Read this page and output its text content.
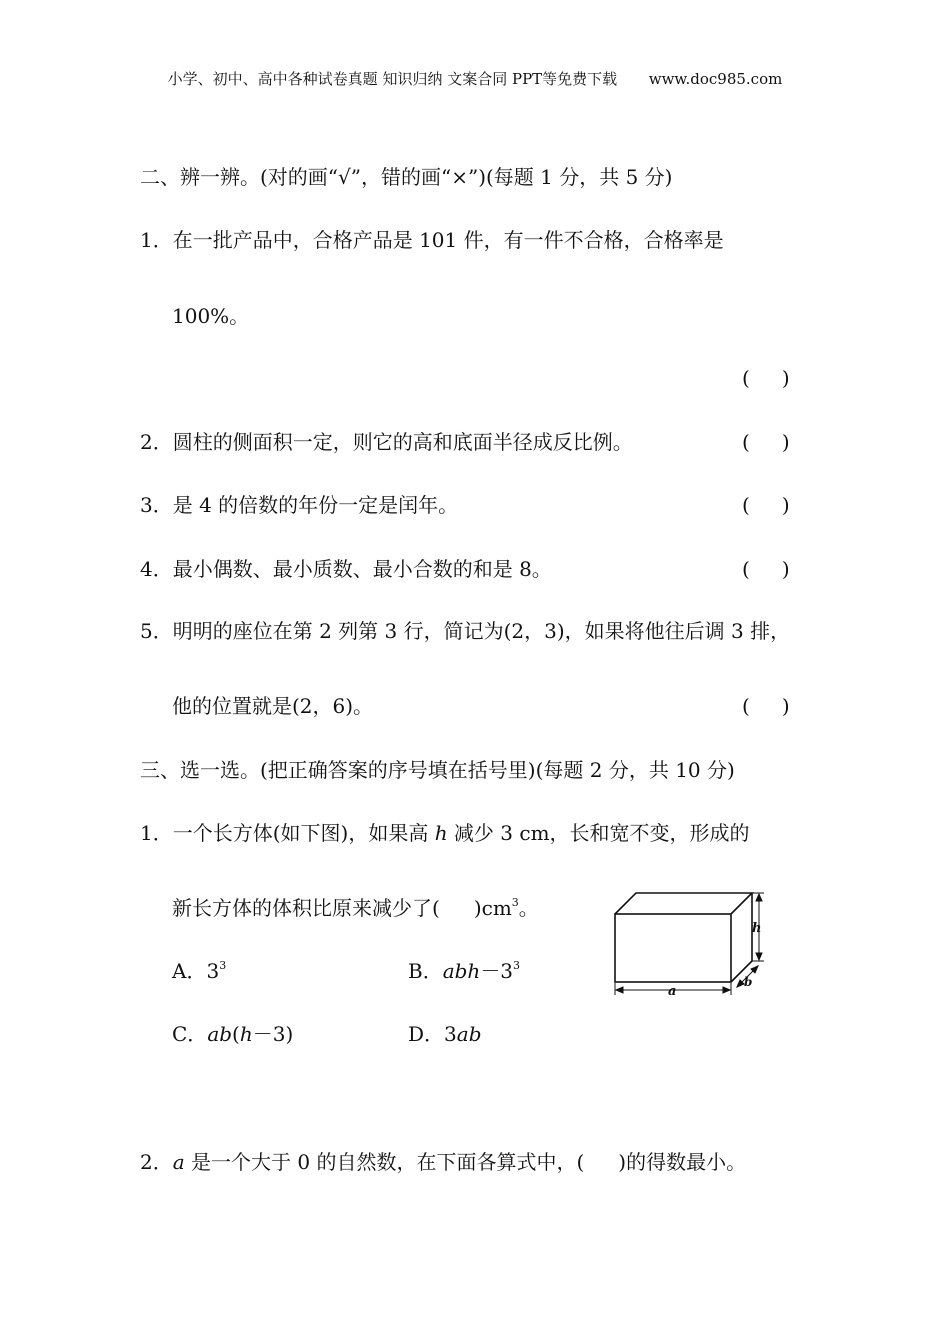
小学、初中、高中各种试卷真题 知识归纳 文案合同 PPT等免费下载 www.doc985.com
二、辨一辨。(对的画“√”，错的画“×”)(每题 1 分，共 5 分)
1．在一批产品中，合格产品是 101 件，有一件不合格，合格率是
100%。
( )
2．圆柱的侧面积一定，则它的高和底面半径成反比例。	( )
3．是 4 的倍数的年份一定是闰年。	( )
4．最小偶数、最小质数、最小合数的和是 8。	( )
5．明明的座位在第 2 列第 3 行，简记为(2，3)，如果将他往后调 3 排，
他的位置就是(2，6)。	( )
三、选一选。(把正确答案的序号填在括号里)(每题 2 分，共 10 分)
1．一个长方体(如下图)，如果高 h 减少 3 cm，长和宽不变，形成的
新长方体的体积比原来减少了( )$cm^3$。
A．$3^3$	B．$abh-3^3$
C．ab(h－3)	D．3ab
h
a
b
2．a 是一个大于 0 的自然数，在下面各算式中，( )的得数最小。
